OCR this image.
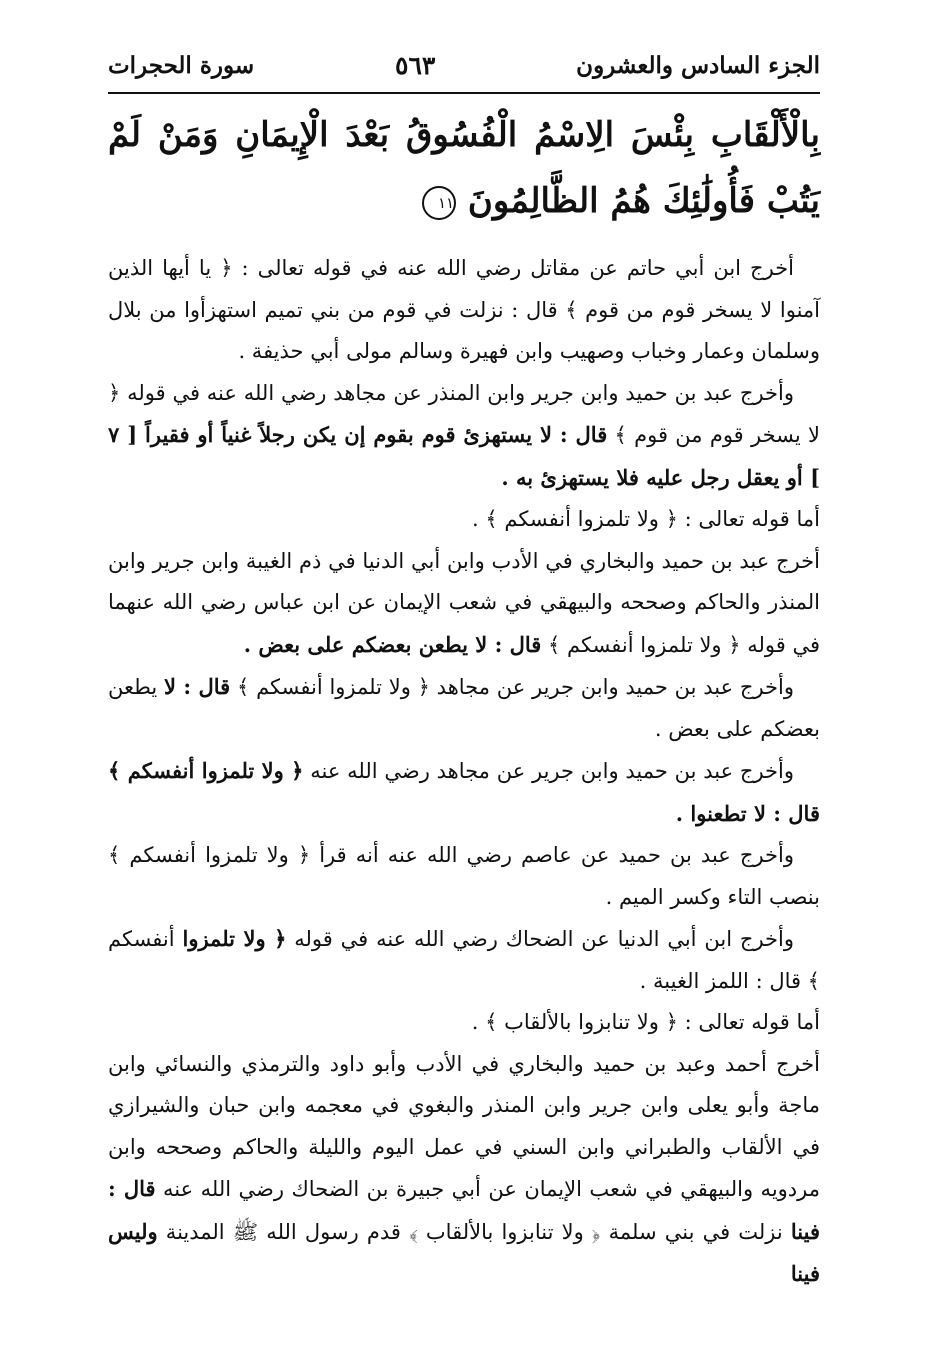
الجزء السادس والعشرون
٥٦٣
سورة الحجرات
بِالْأَلْقَابِ بِئْسَ الِاسْمُ الْفُسُوقُ بَعْدَ الْإِيمَانِ وَمَنْ لَمْ يَتُبْ فَأُولَٰئِكَ هُمُ الظَّالِمُونَ ١١

أخرج ابن أبي حاتم عن مقاتل رضي الله عنه في قوله تعالى : ﴿ يا أيها الذين آمنوا لا يسخر قوم من قوم ﴾ قال : نزلت في قوم من بني تميم استهزأوا من بلال وسلمان وعمار وخباب وصهيب وابن فهيرة وسالم مولى أبي حذيفة .

وأخرج عبد بن حميد وابن جرير وابن المنذر عن مجاهد رضي الله عنه في قوله ﴿ لا يسخر قوم من قوم ﴾ قال : لا يستهزئ قوم بقوم إن يكن رجلاً غنياً أو فقيراً [ ٧ ] أو يعقل رجل عليه فلا يستهزئ به .

أما قوله تعالى : ﴿ ولا تلمزوا أنفسكم ﴾ .

أخرج عبد بن حميد والبخاري في الأدب وابن أبي الدنيا في ذم الغيبة وابن جرير وابن المنذر والحاكم وصححه والبيهقي في شعب الإيمان عن ابن عباس رضي الله عنهما في قوله ﴿ ولا تلمزوا أنفسكم ﴾ قال : لا يطعن بعضكم على بعض .

وأخرج عبد بن حميد وابن جرير عن مجاهد ﴿ ولا تلمزوا أنفسكم ﴾ قال : لا يطعن بعضكم على بعض .

وأخرج عبد بن حميد وابن جرير عن مجاهد رضي الله عنه ﴿ ولا تلمزوا أنفسكم ﴾ قال : لا تطعنوا .

وأخرج عبد بن حميد عن عاصم رضي الله عنه أنه قرأ ﴿ ولا تلمزوا أنفسكم ﴾ بنصب التاء وكسر الميم .

وأخرج ابن أبي الدنيا عن الضحاك رضي الله عنه في قوله ﴿ ولا تلمزوا أنفسكم ﴾ قال : اللمز الغيبة .

أما قوله تعالى : ﴿ ولا تنابزوا بالألقاب ﴾ .

أخرج أحمد وعبد بن حميد والبخاري في الأدب وأبو داود والترمذي والنسائي وابن ماجة وأبو يعلى وابن جرير وابن المنذر والبغوي في معجمه وابن حبان والشيرازي في الألقاب والطبراني وابن السني في عمل اليوم والليلة والحاكم وصححه وابن مردويه والبيهقي في شعب الإيمان عن أبي جبيرة بن الضحاك رضي الله عنه قال : فينا نزلت في بني سلمة ﴿ ولا تنابزوا بالألقاب ﴾ قدم رسول الله ﷺ المدينة وليس فينا
